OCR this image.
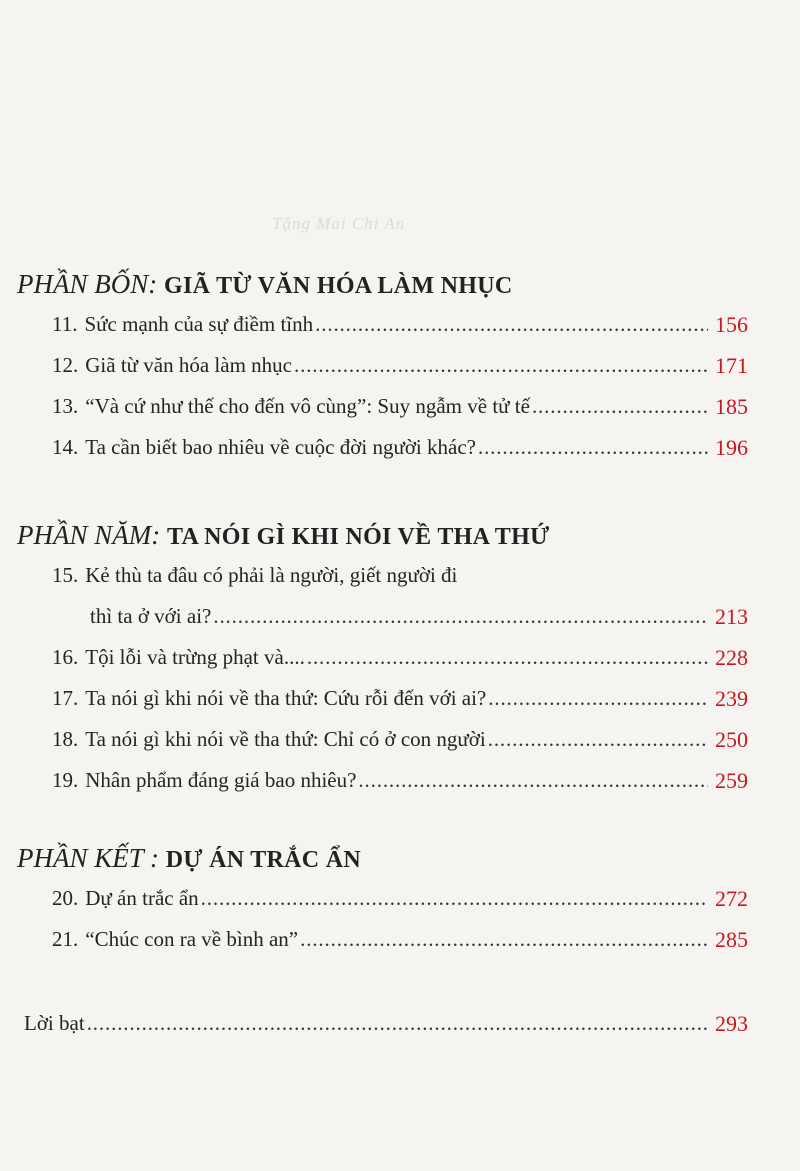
Tặng Mai Chi An
PHẦN BỐN: GIÃ TỪ VĂN HÓA LÀM NHỤC
11. Sức mạnh của sự điềm tĩnh . . .	156
12. Giã từ văn hóa làm nhục . . .	171
13. “Và cứ như thế cho đến vô cùng”: Suy ngẫm về tử tế . . .	185
14. Ta cần biết bao nhiêu về cuộc đời người khác? . . .	196
PHẦN NĂM: TA NÓI GÌ KHI NÓI VỀ THA THỨ
15. Kẻ thù ta đâu có phải là người, giết người đi
thì ta ở với ai? . . .	213
16. Tội lỗi và trừng phạt và.... . . .	228
17. Ta nói gì khi nói về tha thứ: Cứu rỗi đến với ai? . . .	239
18. Ta nói gì khi nói về tha thứ: Chỉ có ở con người . . .	250
19. Nhân phẩm đáng giá bao nhiêu? . . .	259
PHẦN KẾT : DỰ ÁN TRẮC ẨN
20. Dự án trắc ẩn . . .	272
21. “Chúc con ra về bình an” . . .	285
Lời bạt . . .	293
